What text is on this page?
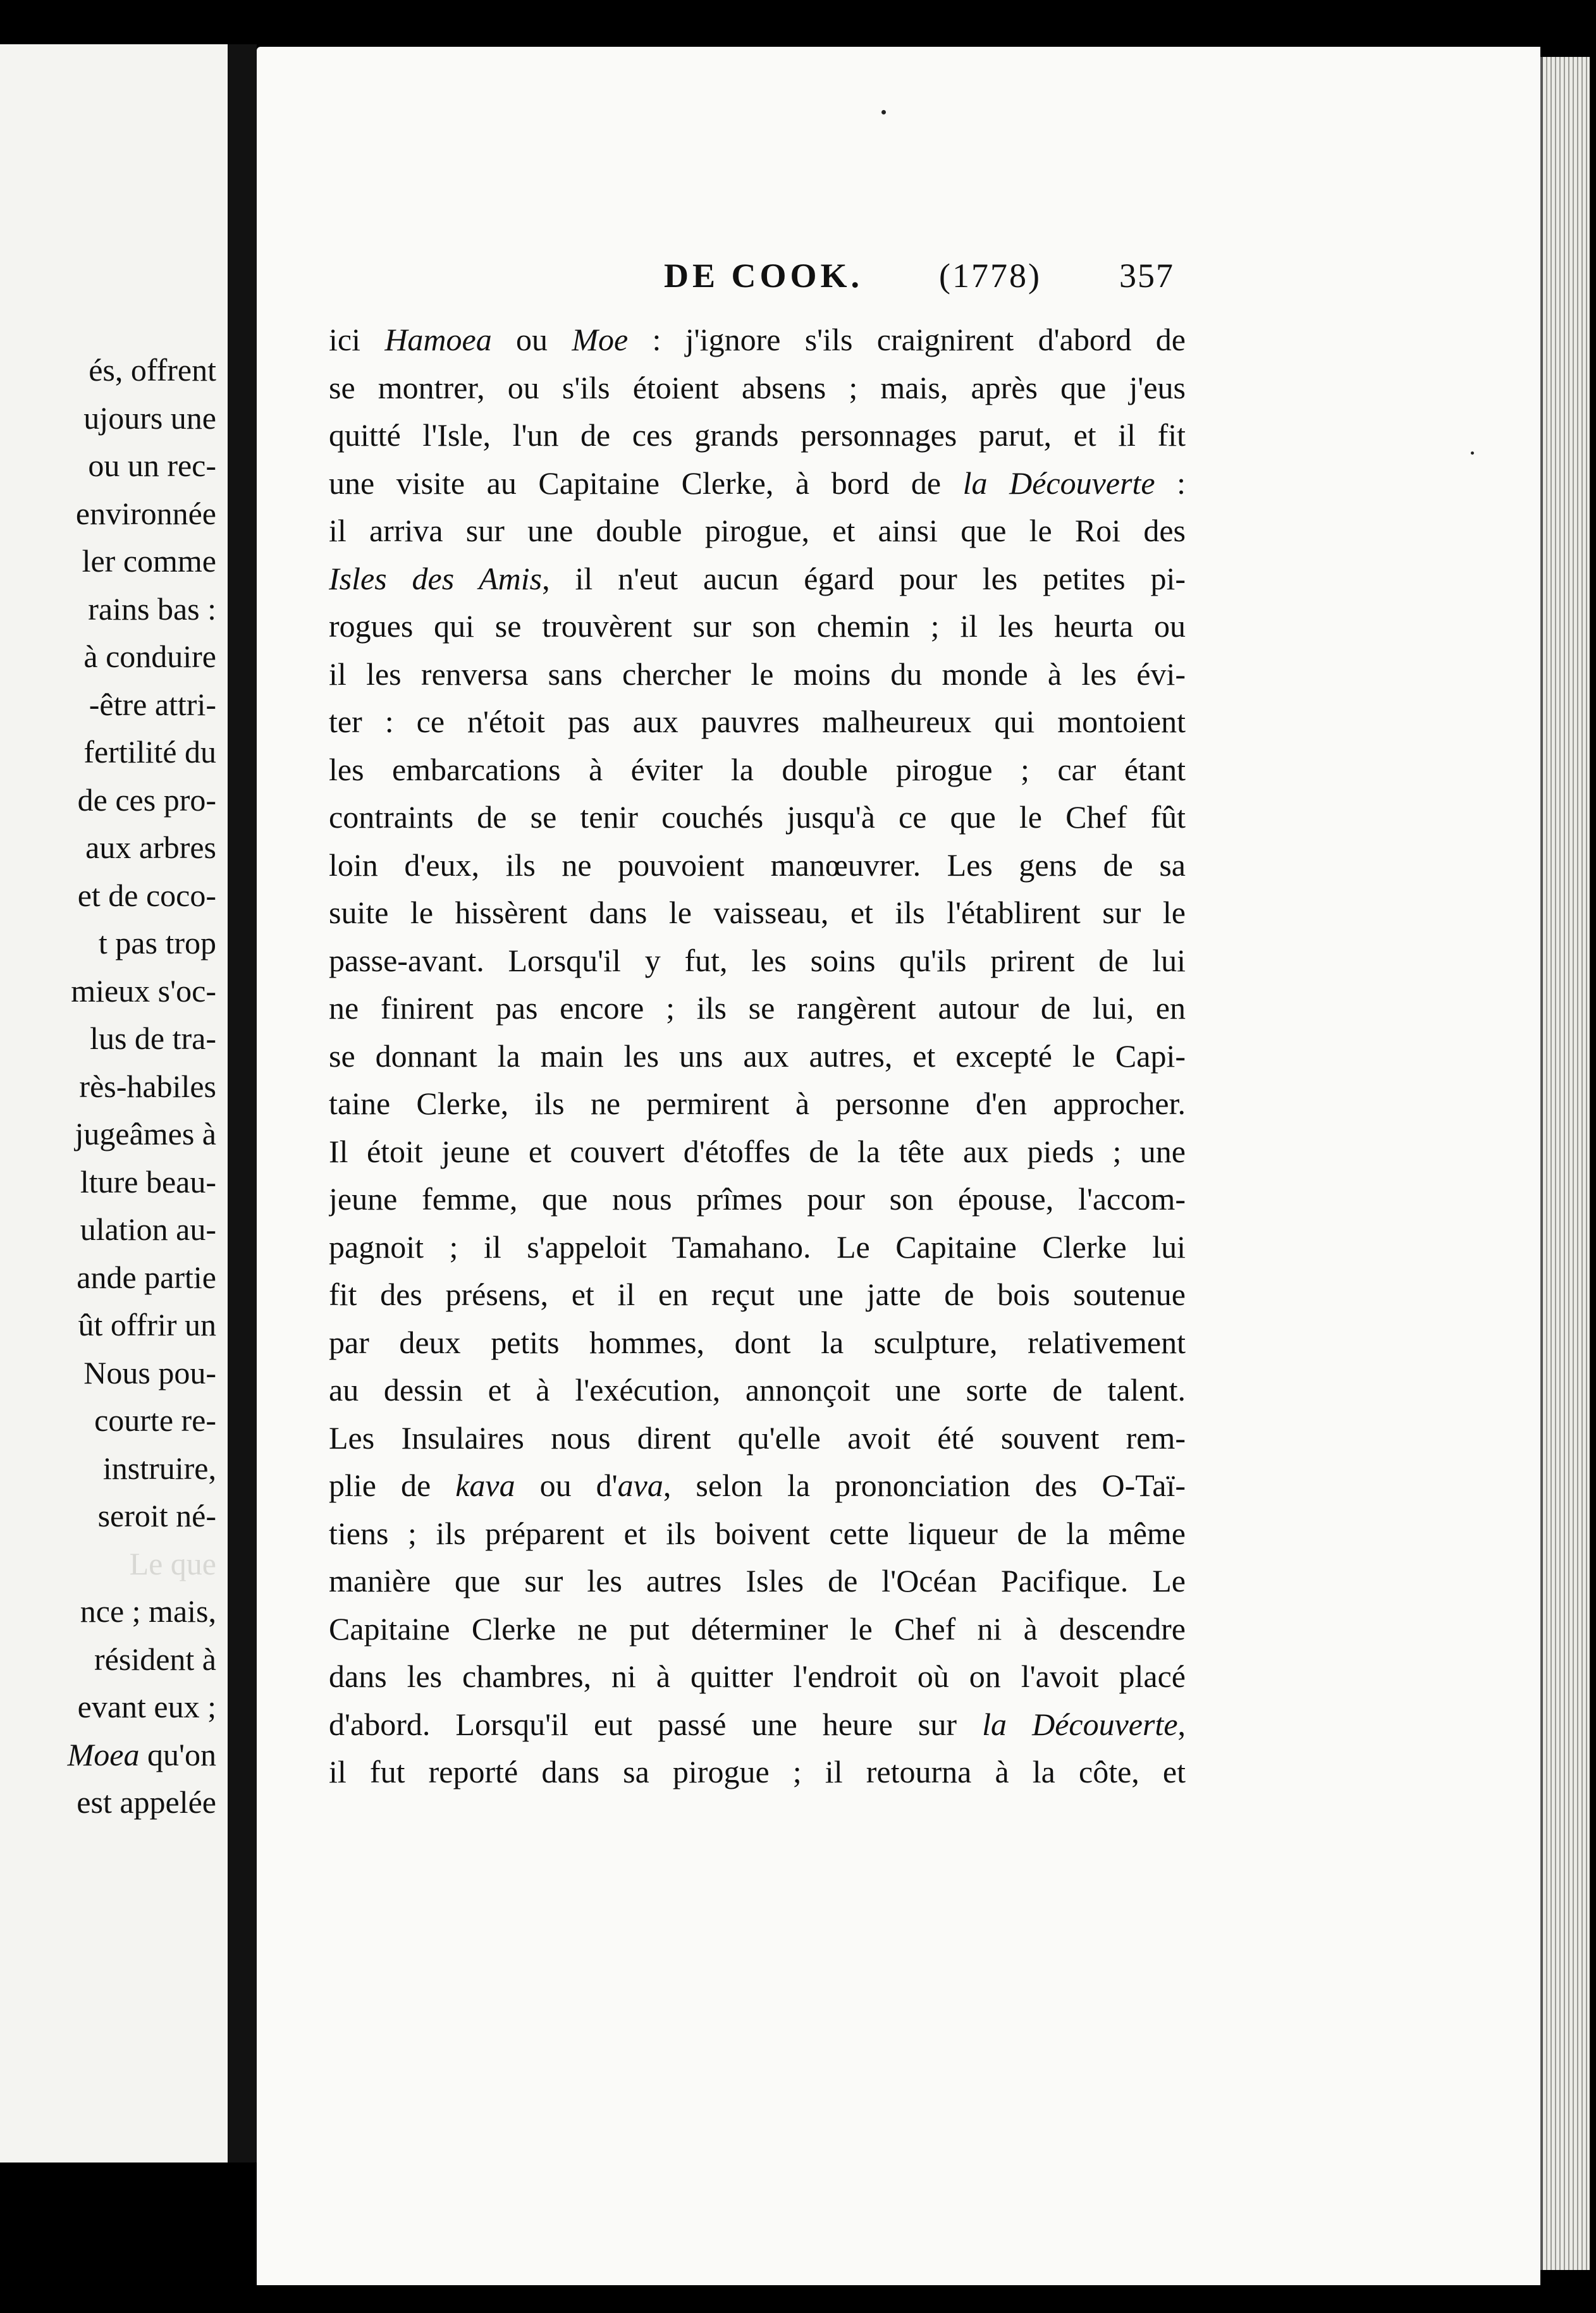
és, offrent
ujours une
ou un rec-
environnée
ler comme
rains bas :
à conduire
-être attri-
fertilité du
de ces pro-
aux arbres
et de coco-
t pas trop
mieux s'oc-
lus de tra-
rès-habiles
jugeâmes à
lture beau-
ulation au-
ande partie
ût offrir un
Nous pou-
courte re-
instruire,
seroit né-
Le que
nce ; mais,
résident à
evant eux ;
Moea qu'on
est appelée
DE COOK. (1778) 357
ici Hamoea ou Moe : j'ignore s'ils craignirent d'abord de
se montrer, ou s'ils étoient absens ; mais, après que j'eus
quitté l'Isle, l'un de ces grands personnages parut, et il fit
une visite au Capitaine Clerke, à bord de la Découverte :
il arriva sur une double pirogue, et ainsi que le Roi des
Isles des Amis, il n'eut aucun égard pour les petites pi-
rogues qui se trouvèrent sur son chemin ; il les heurta ou
il les renversa sans chercher le moins du monde à les évi-
ter : ce n'étoit pas aux pauvres malheureux qui montoient
les embarcations à éviter la double pirogue ; car étant
contraints de se tenir couchés jusqu'à ce que le Chef fût
loin d'eux, ils ne pouvoient manœuvrer. Les gens de sa
suite le hissèrent dans le vaisseau, et ils l'établirent sur le
passe-avant. Lorsqu'il y fut, les soins qu'ils prirent de lui
ne finirent pas encore ; ils se rangèrent autour de lui, en
se donnant la main les uns aux autres, et excepté le Capi-
taine Clerke, ils ne permirent à personne d'en approcher.
Il étoit jeune et couvert d'étoffes de la tête aux pieds ; une
jeune femme, que nous prîmes pour son épouse, l'accom-
pagnoit ; il s'appeloit Tamahano. Le Capitaine Clerke lui
fit des présens, et il en reçut une jatte de bois soutenue
par deux petits hommes, dont la sculpture, relativement
au dessin et à l'exécution, annonçoit une sorte de talent.
Les Insulaires nous dirent qu'elle avoit été souvent rem-
plie de kava ou d'ava, selon la prononciation des O-Taï-
tiens ; ils préparent et ils boivent cette liqueur de la même
manière que sur les autres Isles de l'Océan Pacifique. Le
Capitaine Clerke ne put déterminer le Chef ni à descendre
dans les chambres, ni à quitter l'endroit où on l'avoit placé
d'abord. Lorsqu'il eut passé une heure sur la Découverte,
il fut reporté dans sa pirogue ; il retourna à la côte, et
